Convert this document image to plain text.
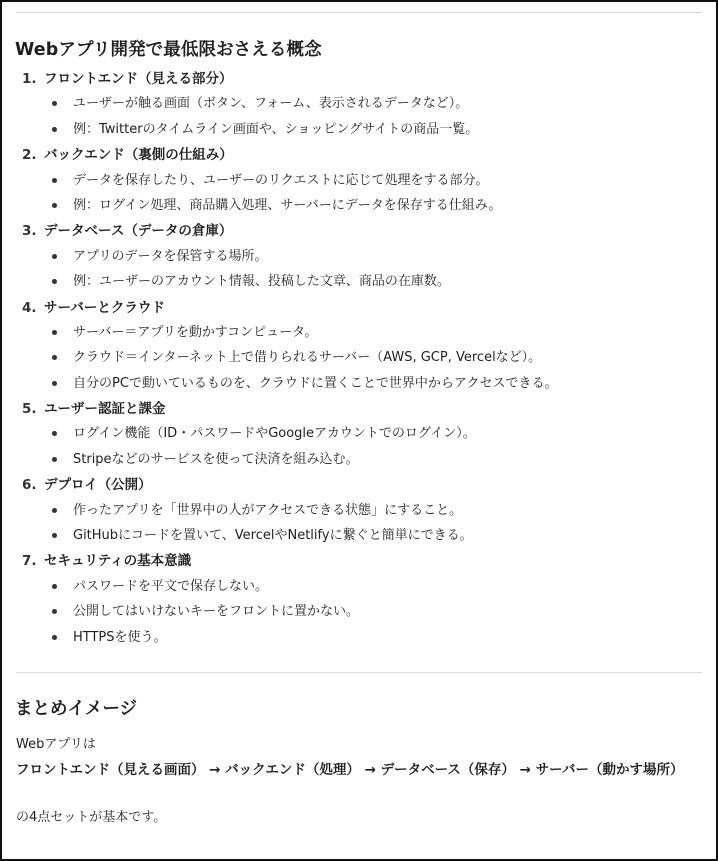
Webアプリ開発で最低限おさえる概念
1. フロントエンド（見える部分）
ユーザーが触る画面（ボタン、フォーム、表示されるデータなど）。
例：Twitterのタイムライン画面や、ショッピングサイトの商品一覧。
2. バックエンド（裏側の仕組み）
データを保存したり、ユーザーのリクエストに応じて処理をする部分。
例：ログイン処理、商品購入処理、サーバーにデータを保存する仕組み。
3. データベース（データの倉庫）
アプリのデータを保管する場所。
例：ユーザーのアカウント情報、投稿した文章、商品の在庫数。
4. サーバーとクラウド
サーバー＝アプリを動かすコンピュータ。
クラウド＝インターネット上で借りられるサーバー（AWS, GCP, Vercelなど）。
自分のPCで動いているものを、クラウドに置くことで世界中からアクセスできる。
5. ユーザー認証と課金
ログイン機能（ID・パスワードやGoogleアカウントでのログイン）。
Stripeなどのサービスを使って決済を組み込む。
6. デプロイ（公開）
作ったアプリを「世界中の人がアクセスできる状態」にすること。
GitHubにコードを置いて、VercelやNetlifyに繋ぐと簡単にできる。
7. セキュリティの基本意識
パスワードを平文で保存しない。
公開してはいけないキーをフロントに置かない。
HTTPSを使う。
まとめイメージ
Webアプリは

フロントエンド（見える画面） → バックエンド（処理） → データベース（保存） → サーバー（動かす場所）

の4点セットが基本です。
